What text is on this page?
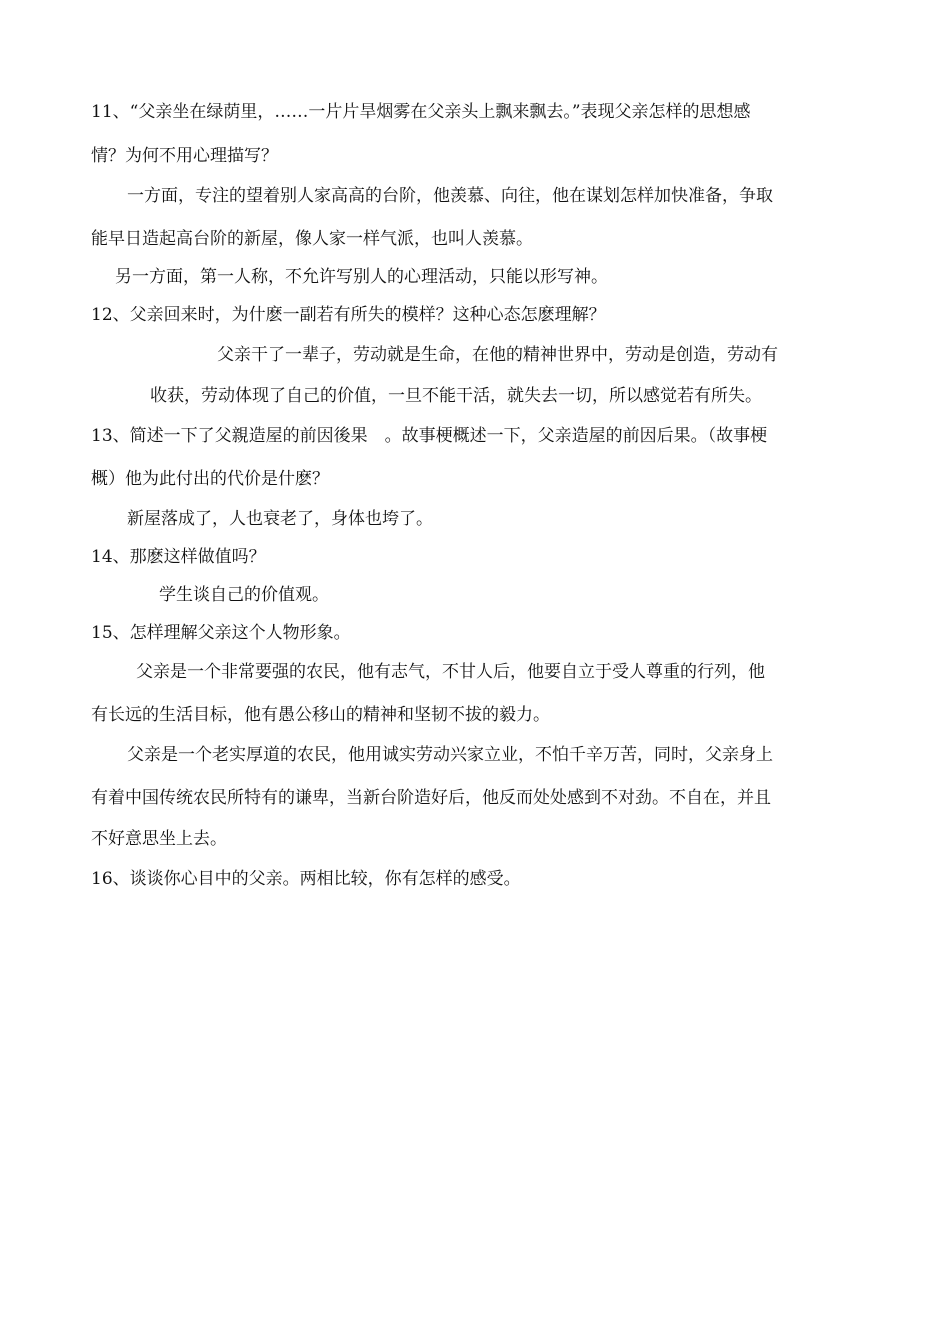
11、“父亲坐在绿荫里，……一片片旱烟雾在父亲头上飘来飘去。”表现父亲怎样的思想感
情？为何不用心理描写？
一方面，专注的望着别人家高高的台阶，他羡慕、向往，他在谋划怎样加快准备，争取
能早日造起高台阶的新屋，像人家一样气派，也叫人羡慕。
另一方面，第一人称，不允许写别人的心理活动，只能以形写神。
12、父亲回来时，为什麽一副若有所失的模样？这种心态怎麽理解？
父亲干了一辈子，劳动就是生命，在他的精神世界中，劳动是创造，劳动有
收获，劳动体现了自己的价值，一旦不能干活，就失去一切，所以感觉若有所失。
13、简述一下了父親造屋的前因後果　。故事梗概述一下，父亲造屋的前因后果。（故事梗
概）他为此付出的代价是什麽？
新屋落成了，人也衰老了，身体也垮了。
14、那麽这样做值吗？
学生谈自己的价值观。
15、怎样理解父亲这个人物形象。
父亲是一个非常要强的农民，他有志气，不甘人后，他要自立于受人尊重的行列，他
有长远的生活目标，他有愚公移山的精神和坚韧不拔的毅力。
父亲是一个老实厚道的农民，他用诚实劳动兴家立业，不怕千辛万苦，同时，父亲身上
有着中国传统农民所特有的谦卑，当新台阶造好后，他反而处处感到不对劲。不自在，并且
不好意思坐上去。
16、谈谈你心目中的父亲。两相比较，你有怎样的感受。
